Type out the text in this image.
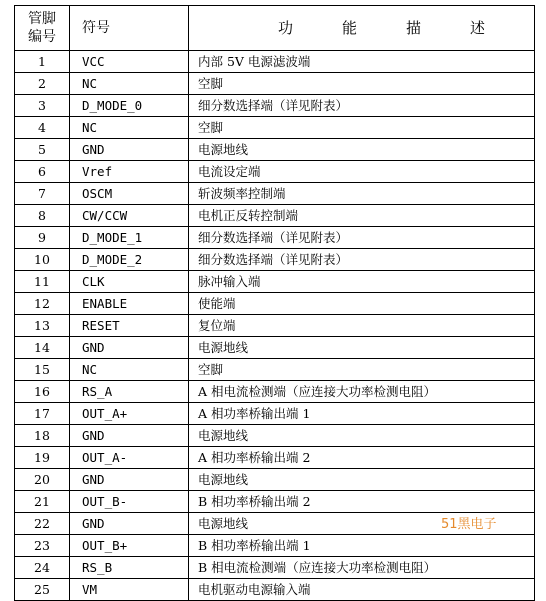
管脚
编号	符号	功 能 描 述
1	VCC	内部 5V 电源滤波端
2	NC	空脚
3	D_MODE_0	细分数选择端（详见附表）
4	NC	空脚
5	GND	电源地线
6	Vref	电流设定端
7	OSCM	斩波频率控制端
8	CW/CCW	电机正反转控制端
9	D_MODE_1	细分数选择端（详见附表）
10	D_MODE_2	细分数选择端（详见附表）
11	CLK	脉冲输入端
12	ENABLE	使能端
13	RESET	复位端
14	GND	电源地线
15	NC	空脚
16	RS_A	A 相电流检测端（应连接大功率检测电阻）
17	OUT_A+	A 相功率桥输出端 1
18	GND	电源地线
19	OUT_A-	A 相功率桥输出端 2
20	GND	电源地线
21	OUT_B-	B 相功率桥输出端 2
22	GND	电源地线
23	OUT_B+	B 相功率桥输出端 1
24	RS_B	B 相电流检测端（应连接大功率检测电阻）
25	VM	电机驱动电源输入端
51黑电子
